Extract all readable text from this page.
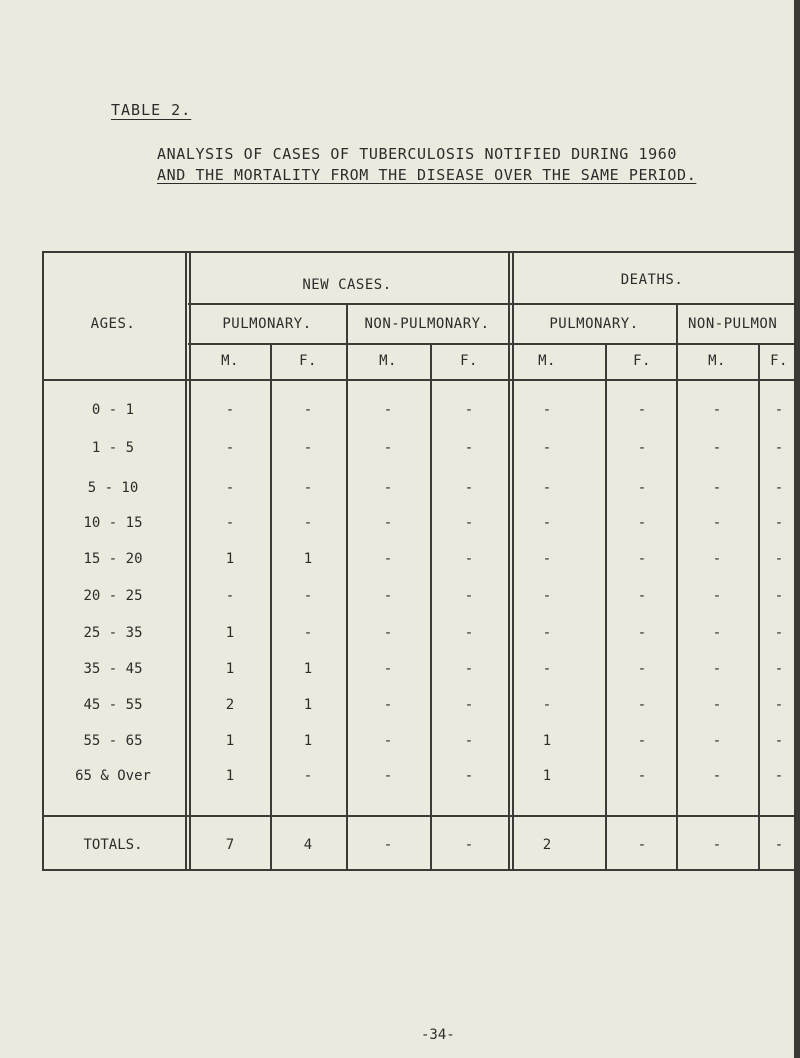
TABLE 2.
ANALYSIS OF CASES OF TUBERCULOSIS NOTIFIED DURING 1960
AND THE MORTALITY FROM THE DISEASE OVER THE SAME PERIOD.
AGES.
NEW CASES.	DEATHS.
PULMONARY.	NON-PULMONARY.	PULMONARY.	NON-PULMON
M.	F.	M.	F.	M.	F.	M.	F.
0 - 1	-	-	-	-	-	-	-	-
1 - 5	-	-	-	-	-	-	-	-
5 - 10	-	-	-	-	-	-	-	-
10 - 15	-	-	-	-	-	-	-	-
15 - 20	1	1	-	-	-	-	-	-
20 - 25	-	-	-	-	-	-	-	-
25 - 35	1	-	-	-	-	-	-	-
35 - 45	1	1	-	-	-	-	-	-
45 - 55	2	1	-	-	-	-	-	-
55 - 65	1	1	-	-	1	-	-	-
65 & Over	1	-	-	-	1	-	-	-
TOTALS.	7	4	-	-	2	-	-	-
-34-
